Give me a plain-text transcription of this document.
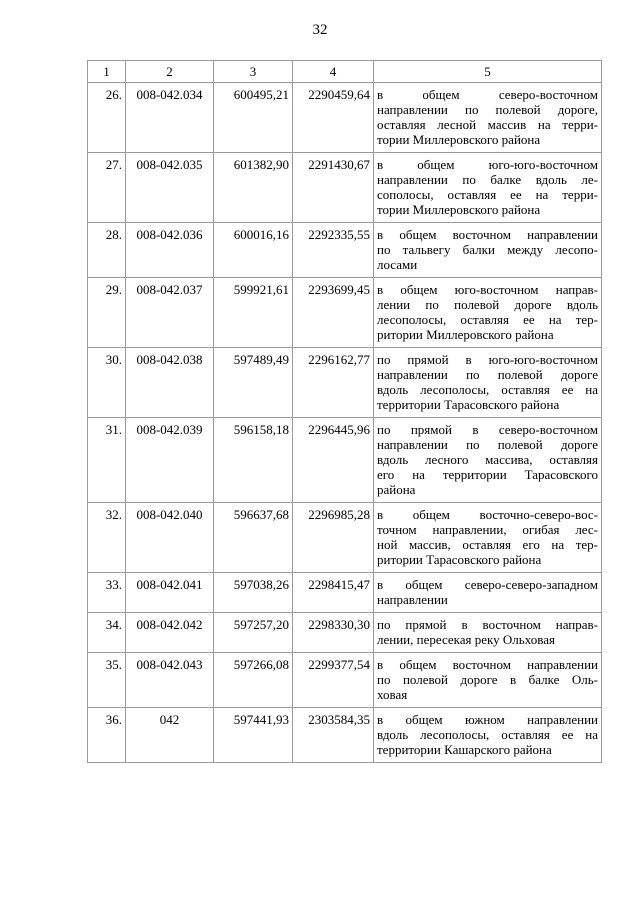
32
1	2	3	4	5
26.	008-042.034	600495,21	2290459,64	в общем северо-восточном
направлении по полевой дороге,
оставляя лесной массив на терри-
тории Миллеровского района

27.	008-042.035	601382,90	2291430,67	в общем юго-юго-восточном
направлении по балке вдоль ле-
сополосы, оставляя ее на терри-
тории Миллеровского района

28.	008-042.036	600016,16	2292335,55	в общем восточном направлении
по тальвегу балки между лесопо-
лосами

29.	008-042.037	599921,61	2293699,45	в общем юго-восточном направ-
лении по полевой дороге вдоль
лесополосы, оставляя ее на тер-
ритории Миллеровского района

30.	008-042.038	597489,49	2296162,77	по прямой в юго-юго-восточном
направлении по полевой дороге
вдоль лесополосы, оставляя ее на
территории Тарасовского района

31.	008-042.039	596158,18	2296445,96	по прямой в северо-восточном
направлении по полевой дороге
вдоль лесного массива, оставляя
его на территории Тарасовского
района

32.	008-042.040	596637,68	2296985,28	в общем восточно-северо-вос-
точном направлении, огибая лес-
ной массив, оставляя его на тер-
ритории Тарасовского района

33.	008-042.041	597038,26	2298415,47	в общем северо-северо-западном
направлении

34.	008-042.042	597257,20	2298330,30	по прямой в восточном направ-
лении, пересекая реку Ольховая

35.	008-042.043	597266,08	2299377,54	в общем восточном направлении
по полевой дороге в балке Оль-
ховая

36.	042	597441,93	2303584,35	в общем южном направлении
вдоль лесополосы, оставляя ее на
территории Кашарского района
